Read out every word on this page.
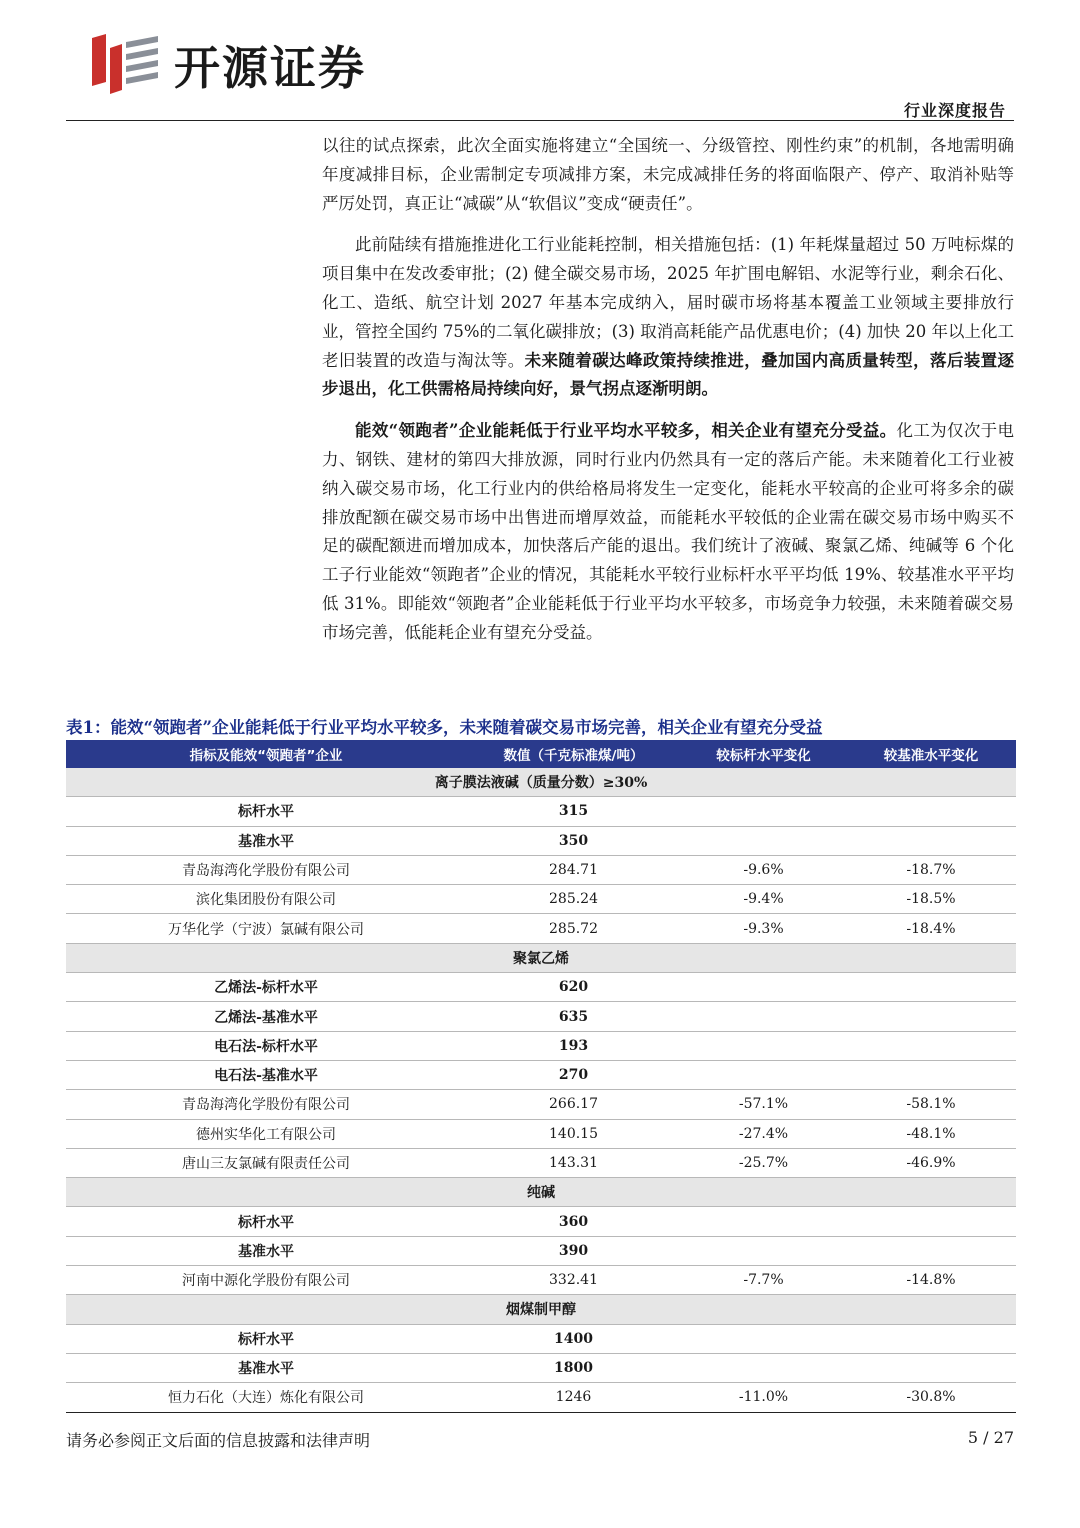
开源证券
行业深度报告

以往的试点探索，此次全面实施将建立“全国统一、分级管控、刚性约束”的机制，各地需明确年度减排目标，企业需制定专项减排方案，未完成减排任务的将面临限产、停产、取消补贴等严厉处罚，真正让“减碳”从“软倡议”变成“硬责任”。

此前陆续有措施推进化工行业能耗控制，相关措施包括：(1) 年耗煤量超过 50 万吨标煤的项目集中在发改委审批；(2) 健全碳交易市场，2025 年扩围电解铝、水泥等行业，剩余石化、化工、造纸、航空计划 2027 年基本完成纳入，届时碳市场将基本覆盖工业领域主要排放行业，管控全国约 75%的二氧化碳排放；(3) 取消高耗能产品优惠电价；(4) 加快 20 年以上化工老旧装置的改造与淘汰等。未来随着碳达峰政策持续推进，叠加国内高质量转型，落后装置逐步退出，化工供需格局持续向好，景气拐点逐渐明朗。

能效“领跑者”企业能耗低于行业平均水平较多，相关企业有望充分受益。化工为仅次于电力、钢铁、建材的第四大排放源，同时行业内仍然具有一定的落后产能。未来随着化工行业被纳入碳交易市场，化工行业内的供给格局将发生一定变化，能耗水平较高的企业可将多余的碳排放配额在碳交易市场中出售进而增厚效益，而能耗水平较低的企业需在碳交易市场中购买不足的碳配额进而增加成本，加快落后产能的退出。我们统计了液碱、聚氯乙烯、纯碱等 6 个化工子行业能效“领跑者”企业的情况，其能耗水平较行业标杆水平平均低 19%、较基准水平平均低 31%。即能效“领跑者”企业能耗低于行业平均水平较多，市场竞争力较强，未来随着碳交易市场完善，低能耗企业有望充分受益。

表1：能效“领跑者”企业能耗低于行业平均水平较多，未来随着碳交易市场完善，相关企业有望充分受益
指标及能效“领跑者”企业	数值（千克标准煤/吨）	较标杆水平变化	较基准水平变化
离子膜法液碱（质量分数）≥30%			
标杆水平	315		
基准水平	350		
青岛海湾化学股份有限公司	284.71	-9.6%	-18.7%
滨化集团股份有限公司	285.24	-9.4%	-18.5%
万华化学（宁波）氯碱有限公司	285.72	-9.3%	-18.4%
聚氯乙烯			
乙烯法-标杆水平	620		
乙烯法-基准水平	635		
电石法-标杆水平	193		
电石法-基准水平	270		
青岛海湾化学股份有限公司	266.17	-57.1%	-58.1%
德州实华化工有限公司	140.15	-27.4%	-48.1%
唐山三友氯碱有限责任公司	143.31	-25.7%	-46.9%
纯碱			
标杆水平	360		
基准水平	390		
河南中源化学股份有限公司	332.41	-7.7%	-14.8%
烟煤制甲醇			
标杆水平	1400		
基准水平	1800		
恒力石化（大连）炼化有限公司	1246	-11.0%	-30.8%
请务必参阅正文后面的信息披露和法律声明	5 / 27
